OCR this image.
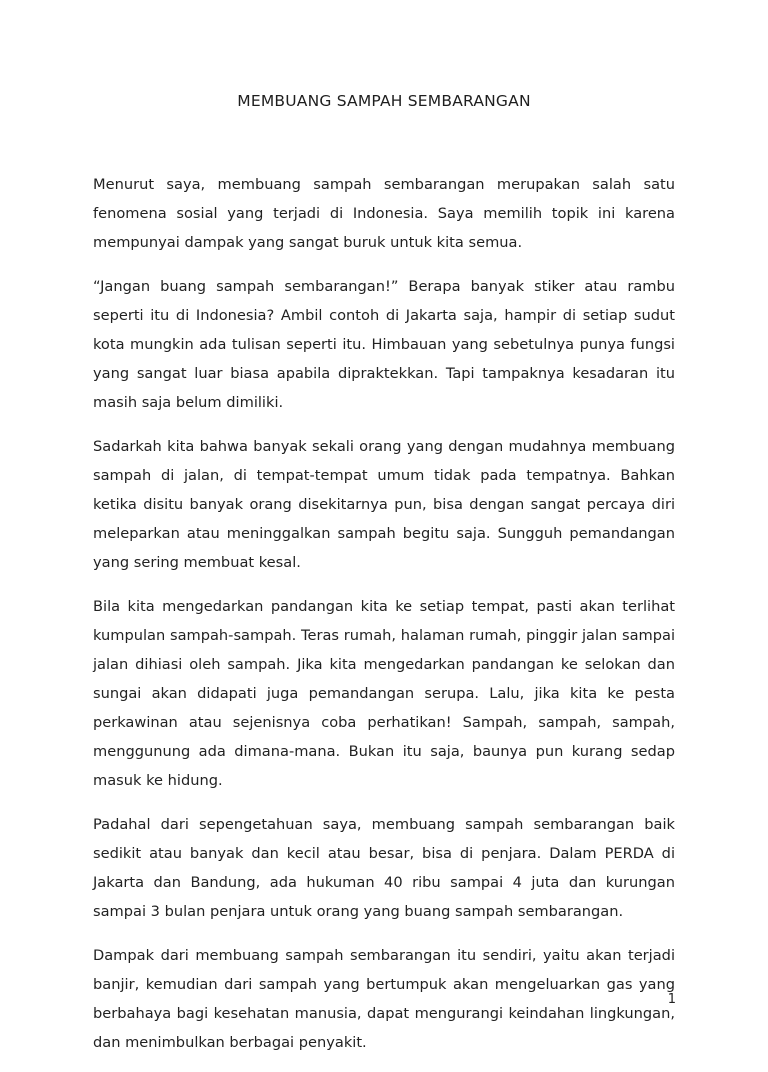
MEMBUANG SAMPAH SEMBARANGAN

Menurut saya, membuang sampah sembarangan merupakan salah satu fenomena sosial yang terjadi di Indonesia. Saya memilih topik ini karena mempunyai dampak yang sangat buruk untuk kita semua.

“Jangan buang sampah sembarangan!” Berapa banyak stiker atau rambu seperti itu di Indonesia? Ambil contoh di Jakarta saja, hampir di setiap sudut kota mungkin ada tulisan seperti itu. Himbauan yang sebetulnya punya fungsi yang sangat luar biasa apabila dipraktekkan. Tapi tampaknya kesadaran itu masih saja belum dimiliki.

Sadarkah kita bahwa banyak sekali orang yang dengan mudahnya membuang sampah di jalan, di tempat-tempat umum tidak pada tempatnya. Bahkan ketika disitu banyak orang disekitarnya pun, bisa dengan sangat percaya diri meleparkan atau meninggalkan sampah begitu saja. Sungguh pemandangan yang sering membuat kesal.

Bila kita mengedarkan pandangan kita ke setiap tempat, pasti akan terlihat kumpulan sampah-sampah. Teras rumah, halaman rumah, pinggir jalan sampai jalan dihiasi oleh sampah. Jika kita mengedarkan pandangan ke selokan dan sungai akan didapati juga pemandangan serupa. Lalu, jika kita ke pesta perkawinan atau sejenisnya coba perhatikan! Sampah, sampah, sampah, menggunung ada dimana-mana. Bukan itu saja, baunya pun kurang sedap masuk ke hidung.

Padahal dari sepengetahuan saya, membuang sampah sembarangan baik sedikit atau banyak dan kecil atau besar, bisa di penjara. Dalam PERDA di Jakarta dan Bandung, ada hukuman 40 ribu sampai 4 juta dan kurungan sampai 3 bulan penjara untuk orang yang buang sampah sembarangan.

Dampak dari membuang sampah sembarangan itu sendiri, yaitu akan terjadi banjir, kemudian dari sampah yang bertumpuk akan mengeluarkan gas yang berbahaya bagi kesehatan manusia, dapat mengurangi keindahan lingkungan, dan menimbulkan berbagai penyakit.

1
